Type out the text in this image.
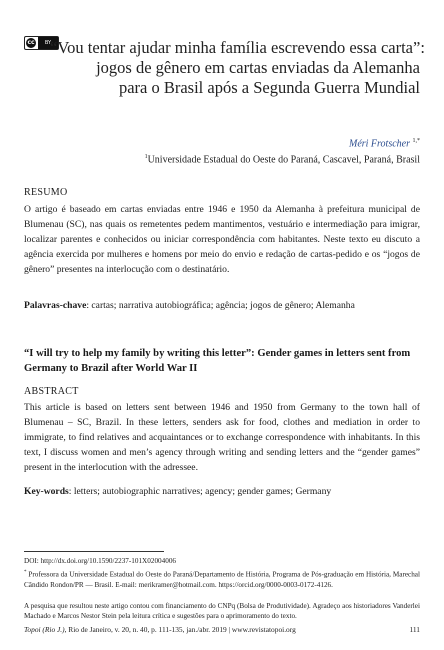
cc	BY
“Vou tentar ajudar minha família escrevendo essa carta”:
jogos de gênero em cartas enviadas da Alemanha
para o Brasil após a Segunda Guerra Mundial
Méri Frotscher $^{1,*}$
$^1$Universidade Estadual do Oeste do Paraná, Cascavel, Paraná, Brasil
RESUMO
O artigo é baseado em cartas enviadas entre 1946 e 1950 da Alemanha à prefeitura municipal de Blumenau (SC), nas quais os remetentes pedem mantimentos, vestuário e intermediação para imigrar, localizar parentes e conhecidos ou iniciar correspondência com habitantes. Neste texto eu discuto a agência exercida por mulheres e homens por meio do envio e redação de cartas-pedido e os “jogos de gênero” presentes na interlocução com o destinatário.
Palavras-chave: cartas; narrativa autobiográfica; agência; jogos de gênero; Alemanha
“I will try to help my family by writing this letter”: Gender games in letters sent from Germany to Brazil after World War II
ABSTRACT
This article is based on letters sent between 1946 and 1950 from Germany to the town hall of Blumenau – SC, Brazil. In these letters, senders ask for food, clothes and mediation in order to immigrate, to find relatives and acquaintances or to exchange correspondence with inhabitants. In this text, I discuss women and men’s agency through writing and sending letters and the “gender games” present in the interlocution with the adressee.
Key-words: letters; autobiographic narratives; agency; gender games; Germany
DOI: http://dx.doi.org/10.1590/2237-101X02004006
* Professora da Universidade Estadual do Oeste do Paraná/Departamento de História, Programa de Pós-graduação em História, Marechal Cândido Rondon/PR — Brasil. E-mail: merikramer@hotmail.com. https://orcid.org/0000-0003-0172-4126.
A pesquisa que resultou neste artigo contou com financiamento do CNPq (Bolsa de Produtividade). Agradeço aos historiadores Vanderlei Machado e Marcos Nestor Stein pela leitura crítica e sugestões para o aprimoramento do texto.
Topoi (Rio J.), Rio de Janeiro, v. 20, n. 40, p. 111-135, jan./abr. 2019 | www.revistatopoi.org	111
